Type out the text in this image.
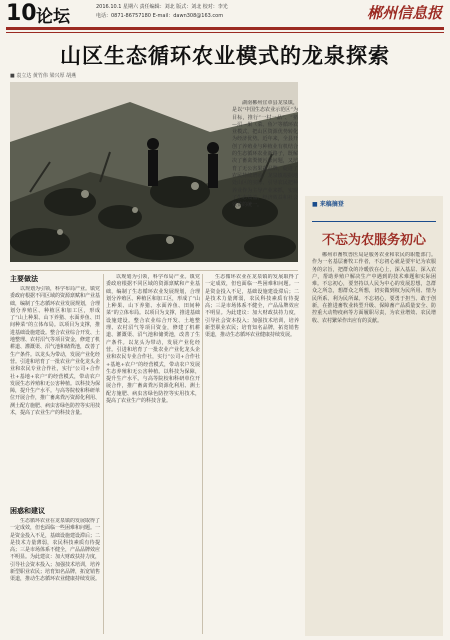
10 论坛	2016.10.1 星期六 责任编辑：刘北 版式：刘北 校对：李光
电话：0871-86757180 E-mail：dawn308@163.com	郴州信息报
山区生态循环农业模式的龙泉探索
■ 袁立达 黄竹伟 梁兴厚 胡燕

湖南郴州宜章县龙泉镇，是以“中国生态农业示范区”为目标，推行“一村一品”、“猪—沼—果（菜、鱼）”等循环农业模式，把山区资源优势转化为经济优势。近年来，全县开创了养殖业与种植业有机结合的生态循环农业新路子，既解决了畜禽粪便污染问题，又培育了无公害果蔬品牌，促进了农民持续增收。龙泉镇根据地处山区的实际，引导农民把种养业作为主导产业来抓，实现了生态效益、经济效益和社会效益的统一。

主要做法

以规划为引领，科学布局产业。镇党委政府根据不同区域的资源禀赋和产业基础，编制了生态循环农业发展规划，合理划分养殖区、种植区和加工区，形成了“山上种果、山下养猪、水面养鱼、田间种菜”的立体布局。以项目为支撑，推进基础设施建设。整合农业综合开发、土地整理、农村沼气等项目资金，修建了机耕道、灌溉渠、沼气池和储粪池，改善了生产条件。以龙头为带动，发展产业化经营。引进和培育了一批农业产业化龙头企业和农民专业合作社，实行“公司+合作社+基地+农户”的经营模式，带动农户发展生态养殖和无公害种植。以科技为保障，提升生产水平。与高等院校和科研单位开展合作，推广畜禽粪污资源化利用、测土配方施肥、病虫害绿色防控等实用技术，提高了农业生产的科技含量。

以规划为引领，科学布局产业。镇党委政府根据不同区域的资源禀赋和产业基础，编制了生态循环农业发展规划，合理划分养殖区、种植区和加工区，形成了“山上种果、山下养猪、水面养鱼、田间种菜”的立体布局。以项目为支撑，推进基础设施建设。整合农业综合开发、土地整理、农村沼气等项目资金，修建了机耕道、灌溉渠、沼气池和储粪池，改善了生产条件。以龙头为带动，发展产业化经营。引进和培育了一批农业产业化龙头企业和农民专业合作社，实行“公司+合作社+基地+农户”的经营模式，带动农户发展生态养殖和无公害种植。以科技为保障，提升生产水平。与高等院校和科研单位开展合作，推广畜禽粪污资源化利用、测土配方施肥、病虫害绿色防控等实用技术，提高了农业生产的科技含量。

生态循环农业在龙泉镇的发展取得了一定成效，但也面临一些困难和问题。一是资金投入不足，基础设施建设滞后；二是技术力量薄弱，农民科技素质有待提高；三是市场体系不健全，产品品牌效应不明显。为此建议：加大财政扶持力度，引导社会资本投入；加强技术培训，培养新型职业农民；培育知名品牌，拓宽销售渠道，推动生态循环农业健康持续发展。

困惑和建议

生态循环农业在龙泉镇的发展取得了一定成效，但也面临一些困难和问题。一是资金投入不足，基础设施建设滞后；二是技术力量薄弱，农民科技素质有待提高；三是市场体系不健全，产品品牌效应不明显。为此建议：加大财政扶持力度，引导社会资本投入；加强技术培训，培养新型职业农民；培育知名品牌，拓宽销售渠道，推动生态循环农业健康持续发展。

■ 来稿摘登
不忘为农服务初心

郴州市畜牧兽医局是服务农业和农民的职能部门。作为一名基层畜牧工作者，不忘初心就是要牢记为农服务的宗旨，把群众的冷暖放在心上，深入基层、深入农户，帮助养殖户解决生产中遇到的技术难题和实际困难。不忘初心，要坚持以人民为中心的发展思想，急群众之所急，想群众之所想，切实做到权为民所用、情为民所系、利为民所谋。不忘初心，要勇于担当、敢于创新，在推进畜牧业转型升级、保障畜产品质量安全、防控重大动物疫病等方面履职尽责，为农业增效、农民增收、农村繁荣作出应有的贡献。
